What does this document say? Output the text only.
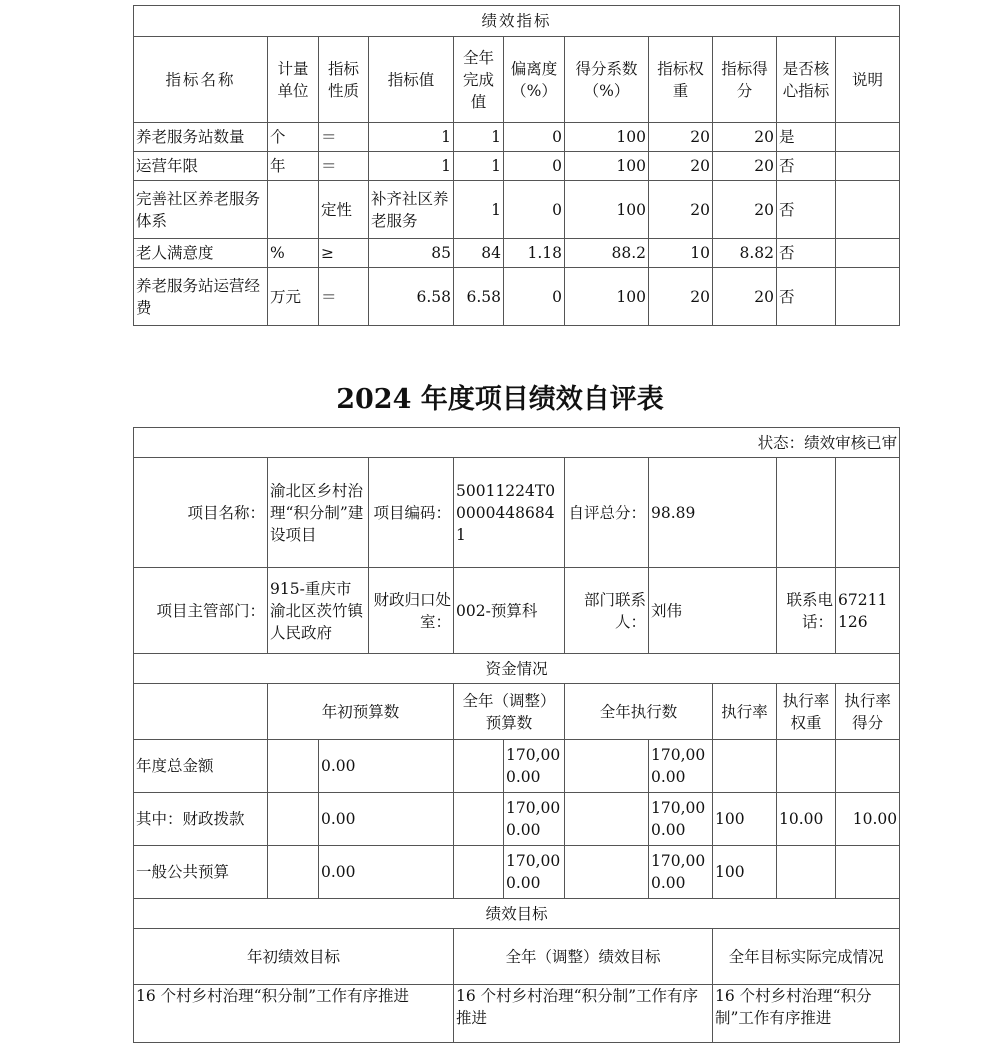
绩效指标										
指标名称	计量单位	指标性质	指标值	全年完成值	偏离度（%）	得分系数（%）	指标权重	指标得分	是否核心指标	说明
养老服务站数量	个	＝	1	1	0	100	20	20	是	
运营年限	年	＝	1	1	0	100	20	20	否	
完善社区养老服务体系		定性	补齐社区养老服务	1	0	100	20	20	否	
老人满意度	%	≥	85	84	1.18	88.2	10	8.82	否	
养老服务站运营经费	万元	＝	6.58	6.58	0	100	20	20	否	
2024 年度项目绩效自评表
状态：绩效审核已审										
项目名称：	渝北区乡村治理“积分制”建设项目		项目编码：	50011224T000004486841		自评总分：	98.89			
项目主管部门：	915-重庆市渝北区茨竹镇人民政府		财政归口处室：	002-预算科		部门联系人：	刘伟		联系电话：	67211126
资金情况										
	年初预算数			全年（调整）预算数		全年执行数		执行率	执行率权重	执行率得分
年度总金额		0.00			170,000.00		170,000.00			
其中：财政拨款		0.00			170,000.00		170,000.00	100	10.00	10.00
一般公共预算		0.00			170,000.00		170,000.00	100		
绩效目标										
年初绩效目标				全年（调整）绩效目标				全年目标实际完成情况		
16 个村乡村治理“积分制”工作有序推进				16 个村乡村治理“积分制”工作有序推进				16 个村乡村治理“积分制”工作有序推进		
